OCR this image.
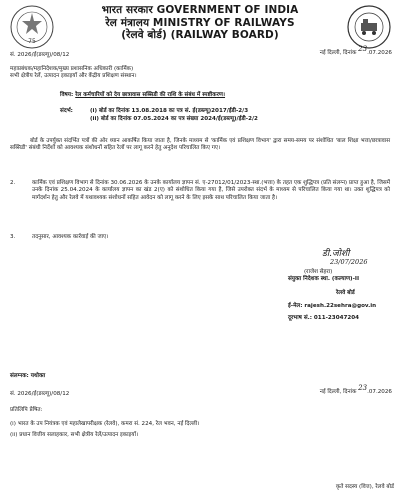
75
भारत सरकार GOVERNMENT OF INDIA
रेल मंत्रालय MINISTRY OF RAILWAYS
(रेलवे बोर्ड) (RAILWAY BOARD)
सं. 2026/ई(डब्ल्यू)/08/12	नई दिल्ली, दिनांक 23.07.2026
महाप्रबंधक/महानिदेशक/मुख्य प्रशासनिक अधिकारी (कार्मिक)
सभी क्षेत्रीय रेलें, उत्पादन इकाइयाँ और केंद्रीय प्रशिक्षण संस्थान।
विषय: रेल कर्मचारियों को देय छात्रावास सब्सिडी की राशि के संबंध में स्पष्टीकरण।
संदर्भ:	(i) बोर्ड का दिनांक 13.08.2018 का पत्र सं. ई(डब्ल्यू)2017/ईडी-2/3
(ii) बोर्ड का दिनांक 07.05.2024 का पत्र संख्या 2024/ई(डब्ल्यू)/ईडी-2/2
बोर्ड के उपर्युक्त संदर्भित पत्रों की ओर ध्यान आकर्षित किया जाता है, जिनके माध्यम से 'कार्मिक एवं प्रशिक्षण विभाग' द्वारा समय-समय पर संशोधित 'बाल शिक्षा भत्ता/छात्रावास सब्सिडी' संबंधी निर्देशों को आवश्यक संशोधनों सहित रेलों पर लागू करने हेतु अनुदेश परिचालित किए गए।
2.	कार्मिक एवं प्रशिक्षण विभाग से दिनांक 30.06.2026 के उनके कार्यालय ज्ञापन सं. ए-27012/01/2023-स्था.(भत्ता) के तहत एक शुद्धिपत्र (प्रति संलग्न) प्राप्त हुआ है, जिसमें उनके दिनांक 25.04.2024 के कार्यालय ज्ञापन का खंड 2(ए) को संशोधित किया गया है, जिसे उपरोक्त संदर्भ के माध्यम से परिचालित किया गया था। उक्त शुद्धिपत्र को मार्गदर्शन हेतु और रेलवे में यथावश्यक संशोधनों सहित आवेदन को लागू करने के लिए इसके साथ परिचालित किया जाता है।
3.	तदनुसार, आवश्यक कार्रवाई की जाए।
डी.जोशी
23/07/2026
(राजेश सेहरा)
संयुक्त निदेशक स्था. (कल्याण)-II
रेलवे बोर्ड
ई-मेल: rajesh.22sehra@gov.in
दूरभाष सं.: 011-23047204
संलग्नक: यथोक्त
सं. 2026/ई(डब्ल्यू)/08/12	नई दिल्ली, दिनांक 23.07.2026
प्रतिलिपि प्रेषित:
(i) भारत के उप नियंत्रक एवं महालेखापरीक्षक (रेलवे), कमरा सं. 224, रेल भवन, नई दिल्ली।
(ii) प्रधान वित्तीय सलाहकार, सभी क्षेत्रीय रेलें/उत्पादन इकाइयाँ।
कृते सदस्य (वित्त), रेलवे बोर्ड
